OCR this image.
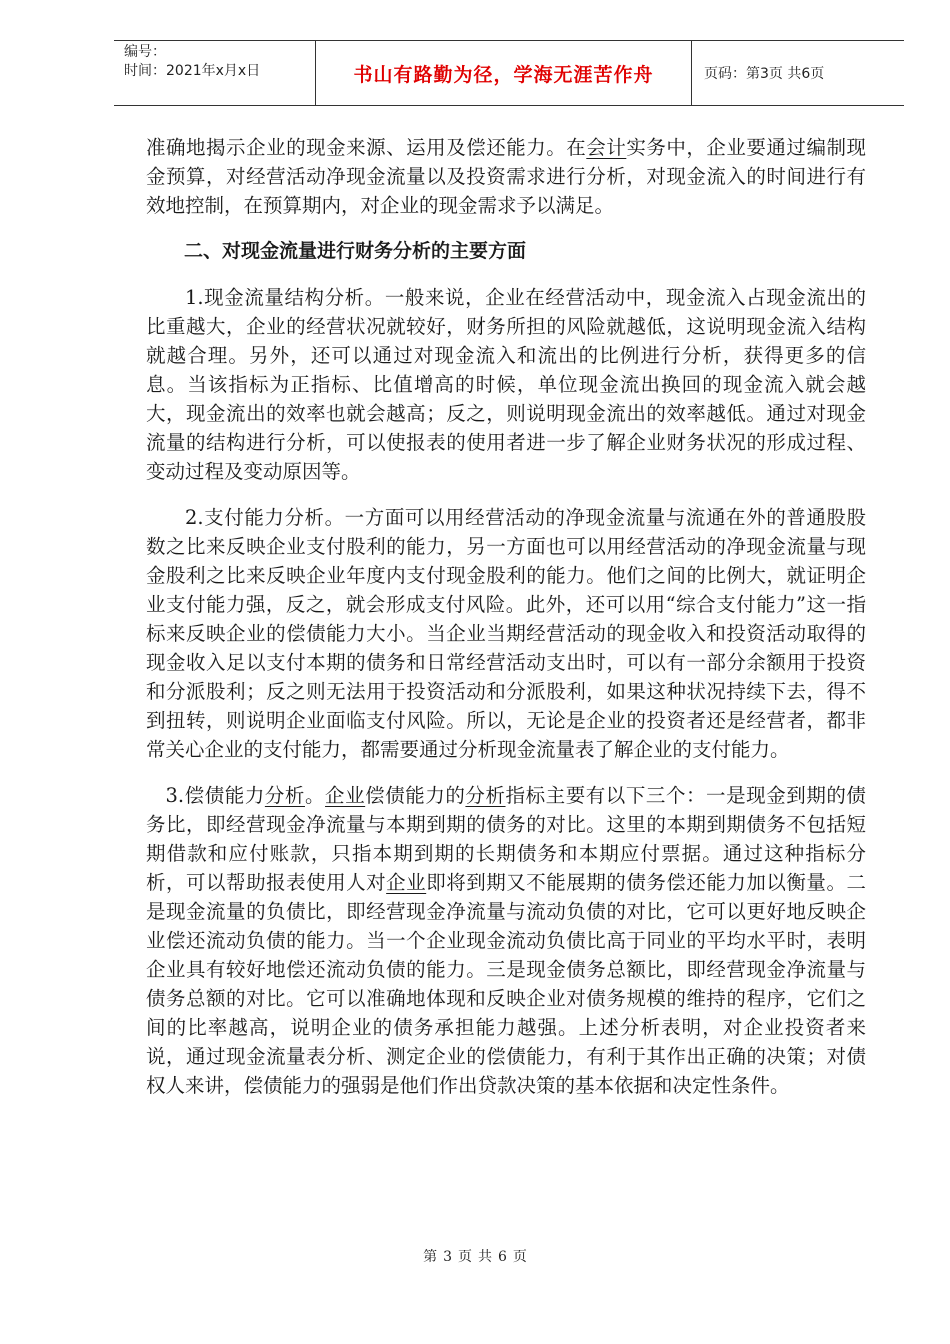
编号：
时间：2021年x月x日	书山有路勤为径，学海无涯苦作舟	页码：第3页 共6页

准确地揭示企业的现金来源、运用及偿还能力。在会计实务中，企业要通过编制现金预算，对经营活动净现金流量以及投资需求进行分析，对现金流入的时间进行有效地控制，在预算期内，对企业的现金需求予以满足。

二、对现金流量进行财务分析的主要方面

1.现金流量结构分析。一般来说，企业在经营活动中，现金流入占现金流出的比重越大，企业的经营状况就较好，财务所担的风险就越低，这说明现金流入结构就越合理。另外，还可以通过对现金流入和流出的比例进行分析，获得更多的信息。当该指标为正指标、比值增高的时候，单位现金流出换回的现金流入就会越大，现金流出的效率也就会越高；反之，则说明现金流出的效率越低。通过对现金流量的结构进行分析，可以使报表的使用者进一步了解企业财务状况的形成过程、变动过程及变动原因等。

2.支付能力分析。一方面可以用经营活动的净现金流量与流通在外的普通股股数之比来反映企业支付股利的能力，另一方面也可以用经营活动的净现金流量与现金股利之比来反映企业年度内支付现金股利的能力。他们之间的比例大，就证明企业支付能力强，反之，就会形成支付风险。此外，还可以用“综合支付能力”这一指标来反映企业的偿债能力大小。当企业当期经营活动的现金收入和投资活动取得的现金收入足以支付本期的债务和日常经营活动支出时，可以有一部分余额用于投资和分派股利；反之则无法用于投资活动和分派股利，如果这种状况持续下去，得不到扭转，则说明企业面临支付风险。所以，无论是企业的投资者还是经营者，都非常关心企业的支付能力，都需要通过分析现金流量表了解企业的支付能力。

3.偿债能力分析。企业偿债能力的分析指标主要有以下三个：一是现金到期的债务比，即经营现金净流量与本期到期的债务的对比。这里的本期到期债务不包括短期借款和应付账款，只指本期到期的长期债务和本期应付票据。通过这种指标分析，可以帮助报表使用人对企业即将到期又不能展期的债务偿还能力加以衡量。二是现金流量的负债比，即经营现金净流量与流动负债的对比，它可以更好地反映企业偿还流动负债的能力。当一个企业现金流动负债比高于同业的平均水平时，表明企业具有较好地偿还流动负债的能力。三是现金债务总额比，即经营现金净流量与债务总额的对比。它可以准确地体现和反映企业对债务规模的维持的程序，它们之间的比率越高，说明企业的债务承担能力越强。上述分析表明，对企业投资者来说，通过现金流量表分析、测定企业的偿债能力，有利于其作出正确的决策；对债权人来讲，偿债能力的强弱是他们作出贷款决策的基本依据和决定性条件。

第 3 页 共 6 页
